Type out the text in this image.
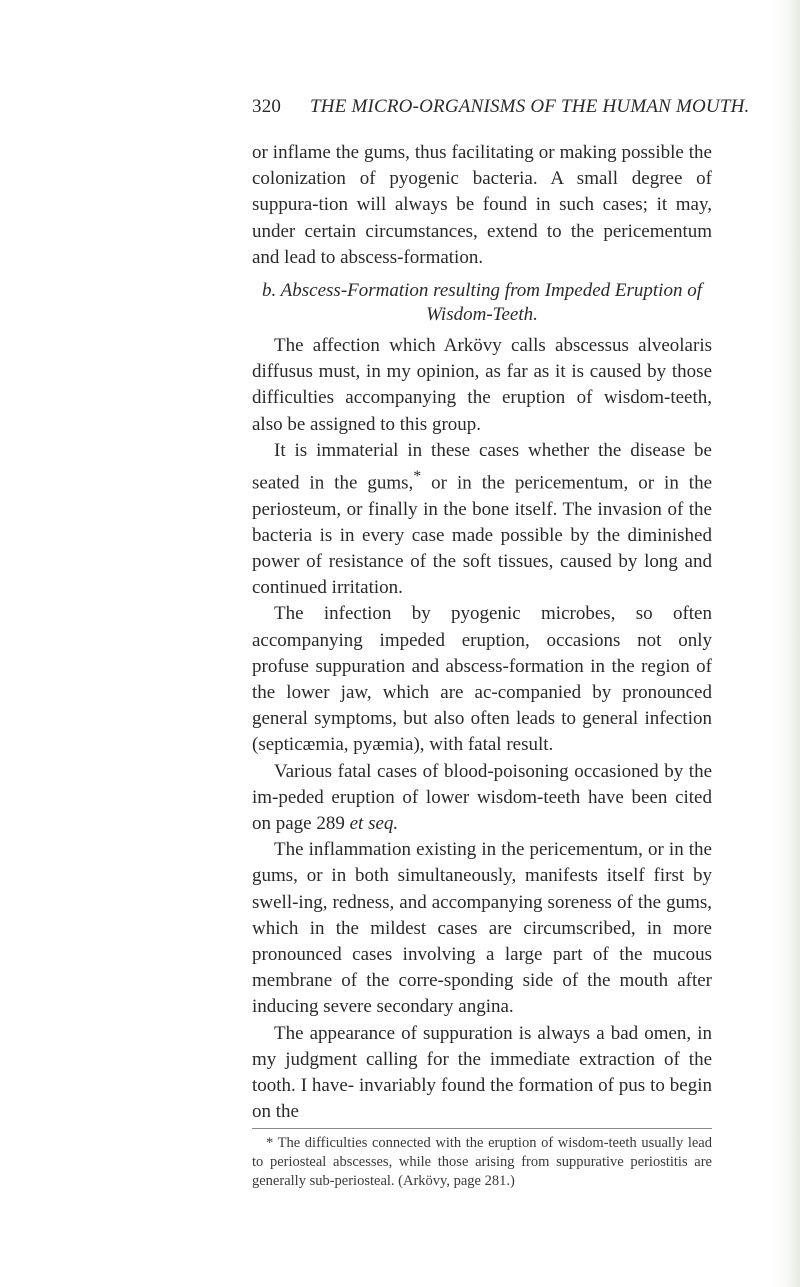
320 THE MICRO-ORGANISMS OF THE HUMAN MOUTH.

or inflame the gums, thus facilitating or making possible the colonization of pyogenic bacteria. A small degree of suppura-tion will always be found in such cases; it may, under certain circumstances, extend to the pericementum and lead to abscess-formation.

b. Abscess-Formation resulting from Impeded Eruption of Wisdom-Teeth.

The affection which Arkövy calls abscessus alveolaris diffusus must, in my opinion, as far as it is caused by those difficulties accompanying the eruption of wisdom-teeth, also be assigned to this group.

It is immaterial in these cases whether the disease be seated in the gums,* or in the pericementum, or in the periosteum, or finally in the bone itself. The invasion of the bacteria is in every case made possible by the diminished power of resistance of the soft tissues, caused by long and continued irritation.

The infection by pyogenic microbes, so often accompanying impeded eruption, occasions not only profuse suppuration and abscess-formation in the region of the lower jaw, which are ac-companied by pronounced general symptoms, but also often leads to general infection (septicæmia, pyæmia), with fatal result.

Various fatal cases of blood-poisoning occasioned by the im-peded eruption of lower wisdom-teeth have been cited on page 289 et seq.

The inflammation existing in the pericementum, or in the gums, or in both simultaneously, manifests itself first by swell-ing, redness, and accompanying soreness of the gums, which in the mildest cases are circumscribed, in more pronounced cases involving a large part of the mucous membrane of the corre-sponding side of the mouth after inducing severe secondary angina.

The appearance of suppuration is always a bad omen, in my judgment calling for the immediate extraction of the tooth. I have- invariably found the formation of pus to begin on the

* The difficulties connected with the eruption of wisdom-teeth usually lead to periosteal abscesses, while those arising from suppurative periostitis are generally sub-periosteal. (Arkövy, page 281.)
